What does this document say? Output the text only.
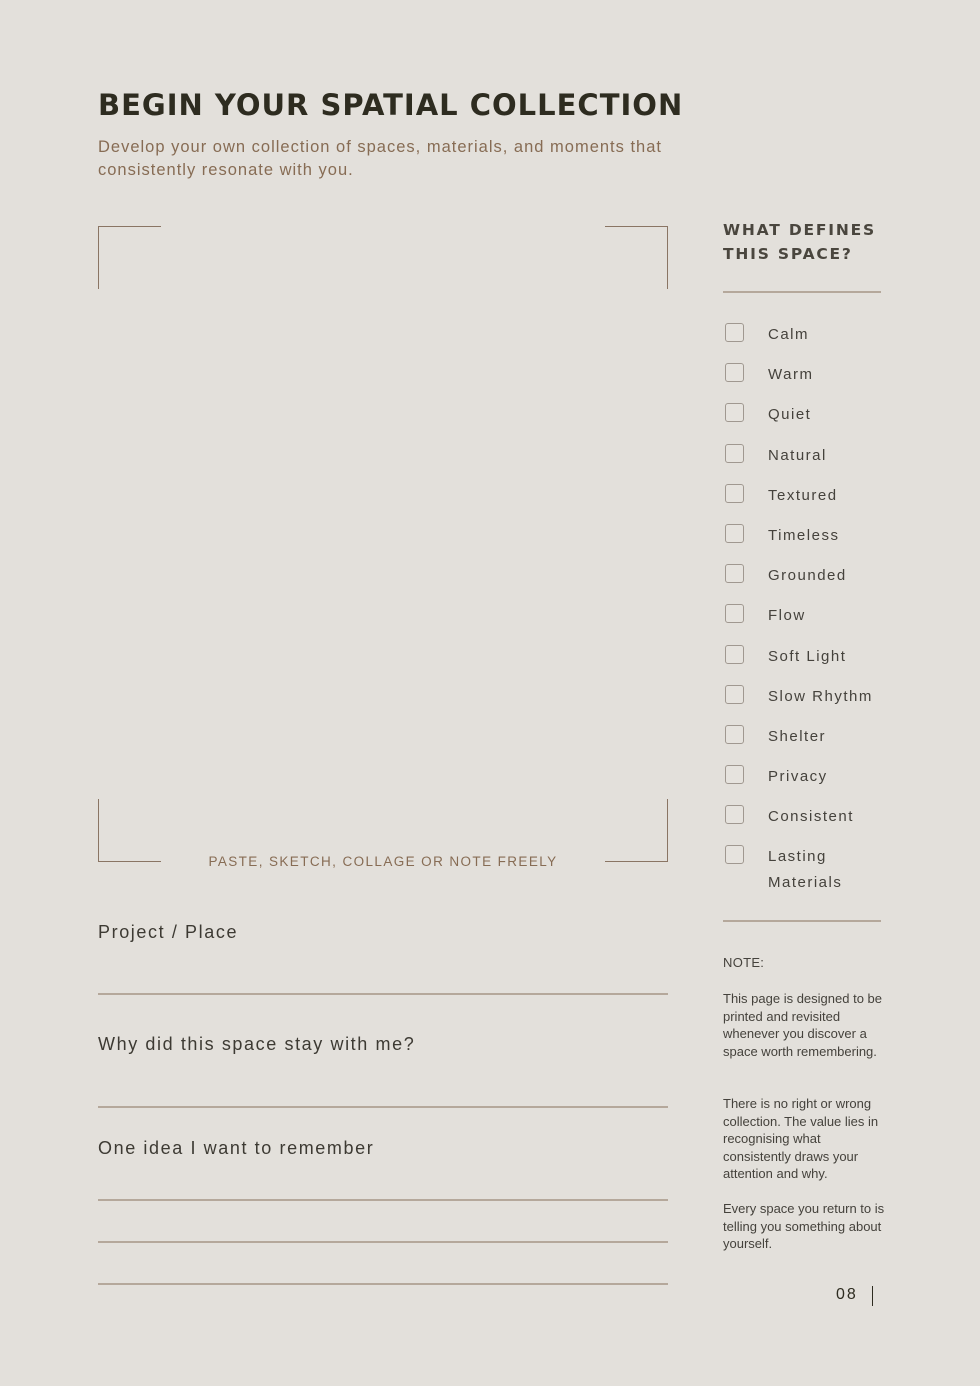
BEGIN YOUR SPATIAL COLLECTION

Develop your own collection of spaces, materials, and moments that consistently resonate with you.

PASTE, SKETCH, COLLAGE OR NOTE FREELY
Project / Place
Why did this space stay with me?
One idea I want to remember
WHAT DEFINES THIS SPACE?
Calm
Warm
Quiet
Natural
Textured
Timeless
Grounded
Flow
Soft Light
Slow Rhythm
Shelter
Privacy
Consistent
Lasting Materials
NOTE:

This page is designed to be printed and revisited whenever you discover a space worth remembering.

There is no right or wrong collection. The value lies in recognising what consistently draws your attention and why.

Every space you return to is telling you something about yourself.

08
